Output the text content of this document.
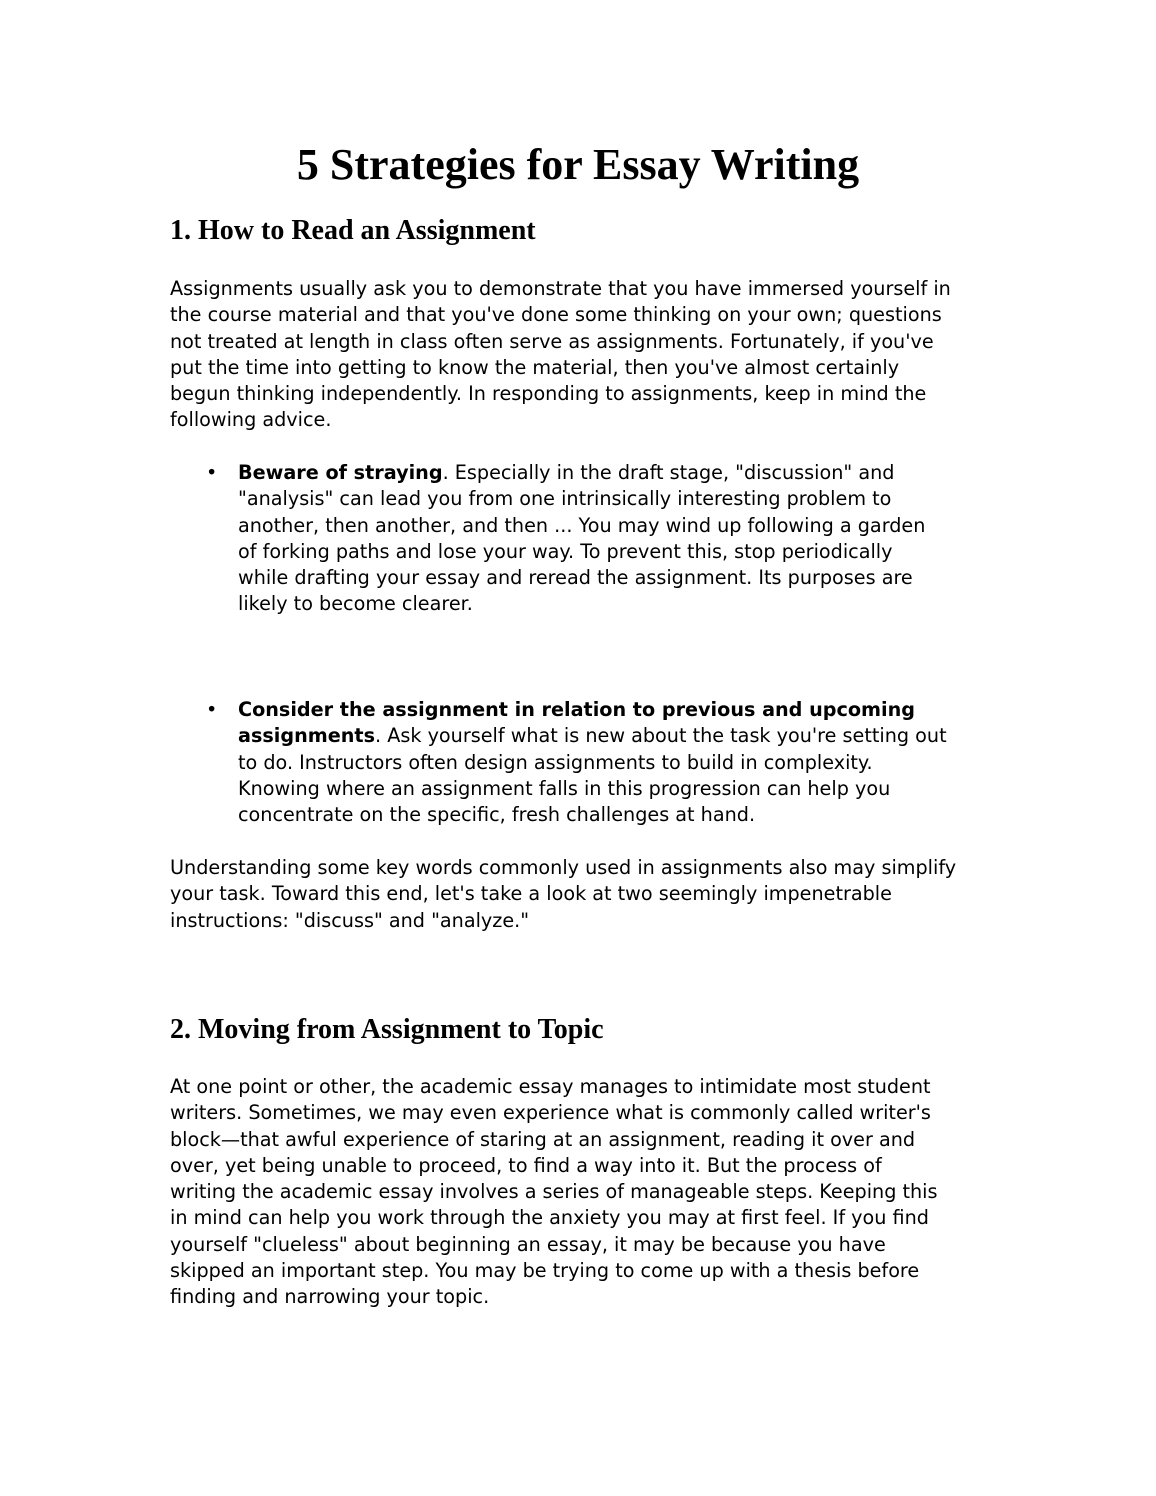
5 Strategies for Essay Writing
1. How to Read an Assignment
Assignments usually ask you to demonstrate that you have immersed yourself in
the course material and that you've done some thinking on your own; questions
not treated at length in class often serve as assignments. Fortunately, if you've
put the time into getting to know the material, then you've almost certainly
begun thinking independently. In responding to assignments, keep in mind the
following advice.
• Beware of straying. Especially in the draft stage, "discussion" and
"analysis" can lead you from one intrinsically interesting problem to
another, then another, and then ... You may wind up following a garden
of forking paths and lose your way. To prevent this, stop periodically
while drafting your essay and reread the assignment. Its purposes are
likely to become clearer.
• Consider the assignment in relation to previous and upcoming
assignments. Ask yourself what is new about the task you're setting out
to do. Instructors often design assignments to build in complexity.
Knowing where an assignment falls in this progression can help you
concentrate on the specific, fresh challenges at hand.
Understanding some key words commonly used in assignments also may simplify
your task. Toward this end, let's take a look at two seemingly impenetrable
instructions: "discuss" and "analyze."
2. Moving from Assignment to Topic
At one point or other, the academic essay manages to intimidate most student
writers. Sometimes, we may even experience what is commonly called writer's
block—that awful experience of staring at an assignment, reading it over and
over, yet being unable to proceed, to find a way into it. But the process of
writing the academic essay involves a series of manageable steps. Keeping this
in mind can help you work through the anxiety you may at first feel. If you find
yourself "clueless" about beginning an essay, it may be because you have
skipped an important step. You may be trying to come up with a thesis before
finding and narrowing your topic.
